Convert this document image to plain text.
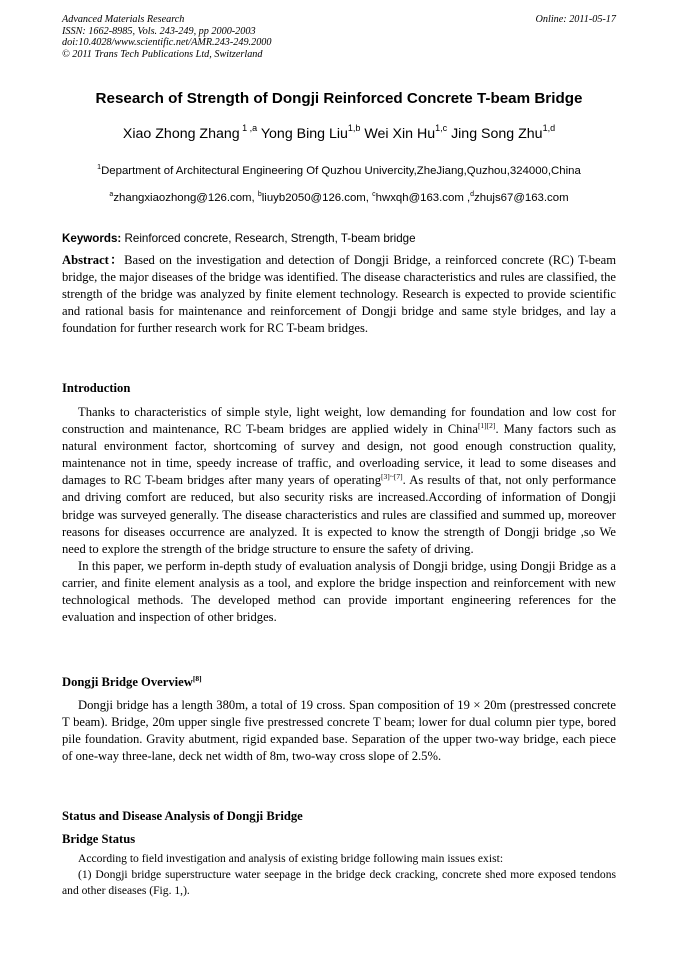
Advanced Materials Research
ISSN: 1662-8985, Vols. 243-249, pp 2000-2003
doi:10.4028/www.scientific.net/AMR.243-249.2000
© 2011 Trans Tech Publications Ltd, Switzerland
Online: 2011-05-17
Research of Strength of Dongji Reinforced Concrete T-beam Bridge
Xiao Zhong Zhang $^{1 ,a}$ Yong Bing Liu$^{1,b}$ Wei Xin Hu$^{1,c}$ Jing Song Zhu$^{1,d}$
$^1$Department of Architectural Engineering Of Quzhou Univercity,ZheJiang,Quzhou,324000,China
$^a$zhangxiaozhong@126.com, $^b$liuyb2050@126.com, $^c$hwxqh@163.com ,$^d$zhujs67@163.com
Keywords: Reinforced concrete, Research, Strength, T-beam bridge
Abstract：Based on the investigation and detection of Dongji Bridge, a reinforced concrete (RC) T-beam bridge, the major diseases of the bridge was identified. The disease characteristics and rules are classified, the strength of the bridge was analyzed by finite element technology. Research is expected to provide scientific and rational basis for maintenance and reinforcement of Dongji bridge and same style bridges, and lay a foundation for further research work for RC T-beam bridges.
Introduction

Thanks to characteristics of simple style, light weight, low demanding for foundation and low cost for construction and maintenance, RC T-beam bridges are applied widely in China[1][2]. Many factors such as natural environment factor, shortcoming of survey and design, not good enough construction quality, maintenance not in time, speedy increase of traffic, and overloading service, it lead to some diseases and damages to RC T-beam bridges after many years of operating[3]~[7]. As results of that, not only performance and driving comfort are reduced, but also security risks are increased.According of information of Dongji bridge was surveyed generally. The disease characteristics and rules are classified and summed up, moreover reasons for diseases occurrence are analyzed. It is expected to know the strength of Dongji bridge ,so We need to explore the strength of the bridge structure to ensure the safety of driving.

In this paper, we perform in-depth study of evaluation analysis of Dongji bridge, using Dongji Bridge as a carrier, and finite element analysis as a tool, and explore the bridge inspection and reinforcement with new technological methods. The developed method can provide important engineering references for the evaluation and inspection of other bridges.

Dongji Bridge Overview[8]

Dongji bridge has a length 380m, a total of 19 cross. Span composition of 19 × 20m (prestressed concrete T beam). Bridge, 20m upper single five prestressed concrete T beam; lower for dual column pier type, bored pile foundation. Gravity abutment, rigid expanded base. Separation of the upper two-way bridge, each piece of one-way three-lane, deck net width of 8m, two-way cross slope of 2.5%.

Status and Disease Analysis of Dongji Bridge
Bridge Status

According to field investigation and analysis of existing bridge following main issues exist:

(1) Dongji bridge superstructure water seepage in the bridge deck cracking, concrete shed more exposed tendons and other diseases (Fig. 1,).
